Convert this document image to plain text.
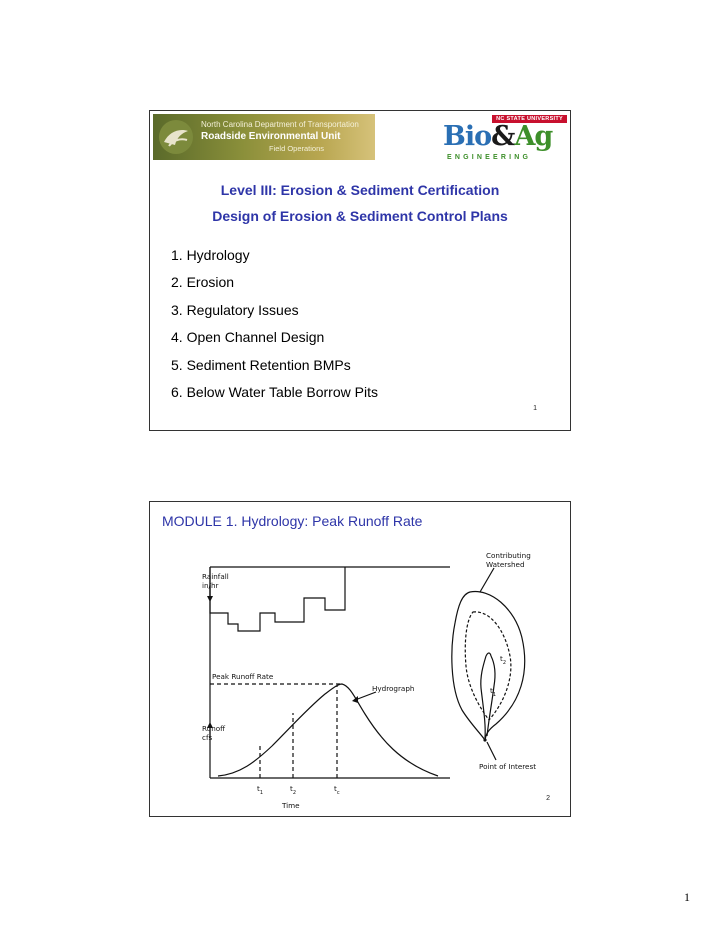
North Carolina Department of Transportation
Roadside Environmental Unit
Field Operations
NC STATE UNIVERSITY
Bio&Ag
ENGINEERING
Level III: Erosion & Sediment Certification
Design of Erosion & Sediment Control Plans
1. Hydrology
2. Erosion
3. Regulatory Issues
4. Open Channel Design
5. Sediment Retention BMPs
6. Below Water Table Borrow Pits
1
MODULE 1. Hydrology: Peak Runoff Rate
Rainfall
in/hr
Peak Runoff Rate
Hydrograph
Runoff
cfs
$t_1$	$t_2$	$t_c$
Time
Contributing
Watershed
$t_2$
$t_1$
Point of Interest
2
1
